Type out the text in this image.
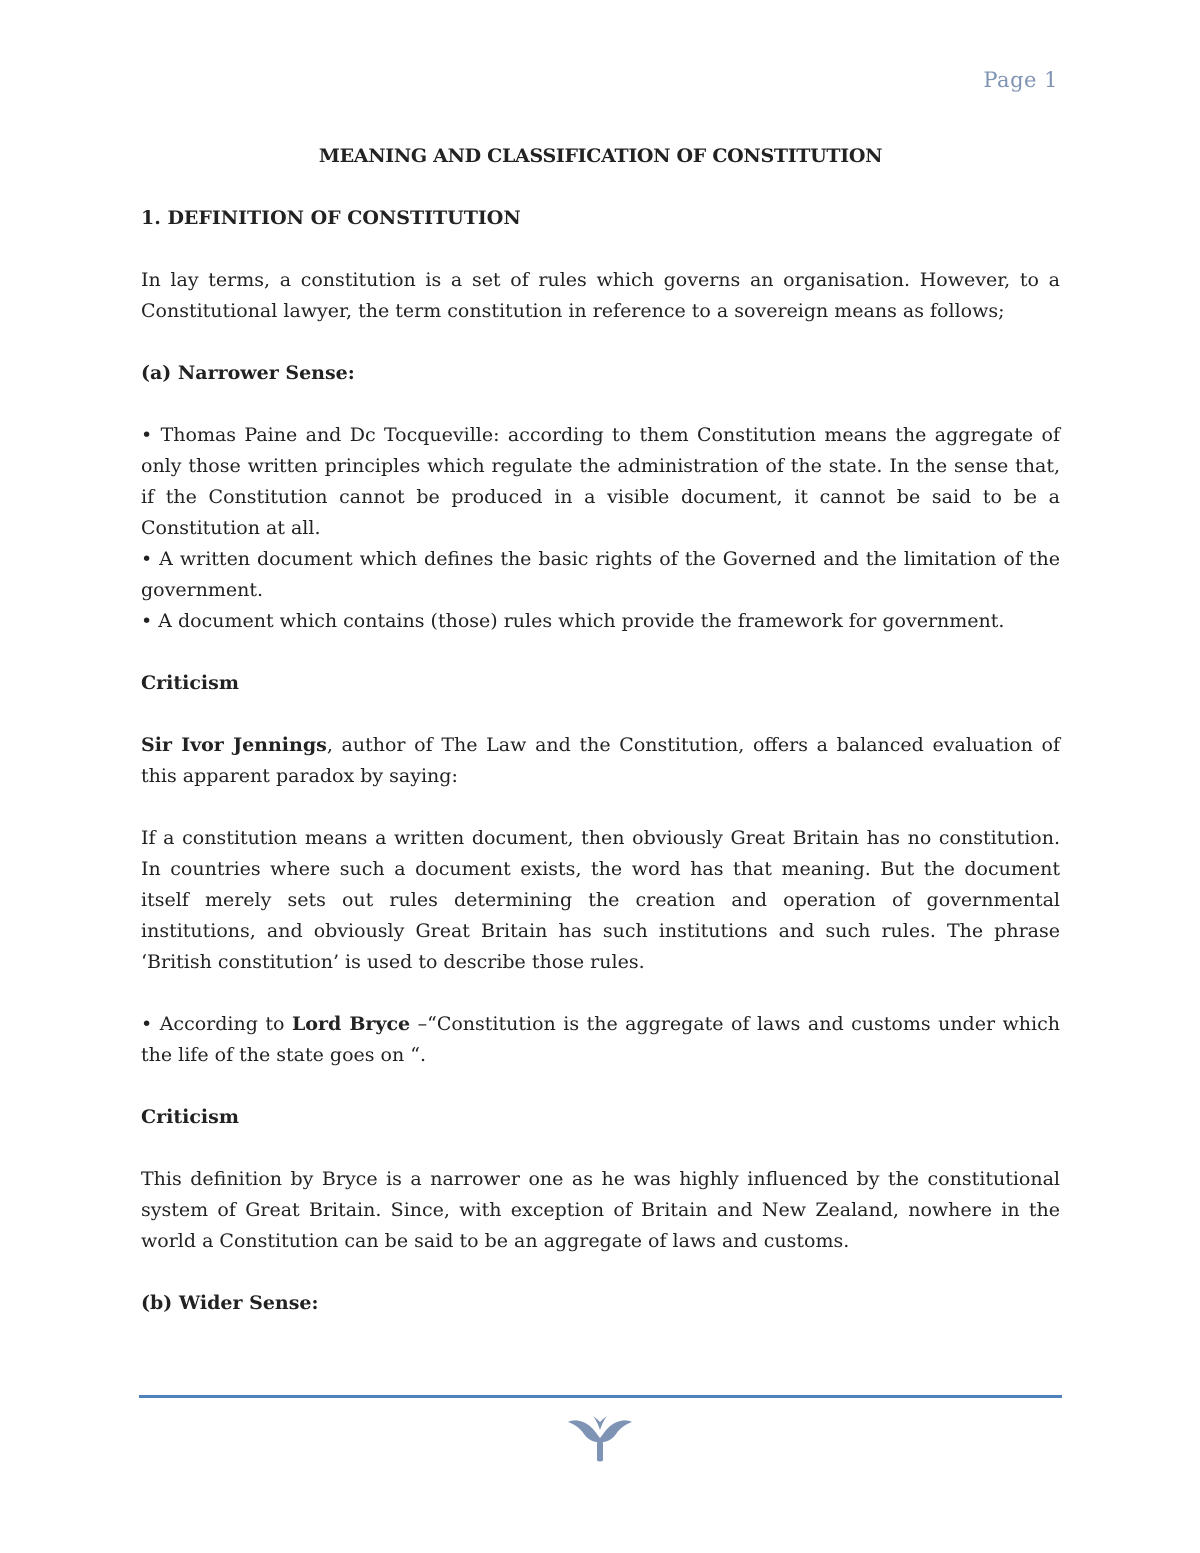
Page 1
MEANING AND CLASSIFICATION OF CONSTITUTION
1. DEFINITION OF CONSTITUTION

In lay terms, a constitution is a set of rules which governs an organisation. However, to a Constitutional lawyer, the term constitution in reference to a sovereign means as follows;

(a) Narrower Sense:
• Thomas Paine and Dc Tocqueville: according to them Constitution means the aggregate of only those written principles which regulate the administration of the state. In the sense that, if the Constitution cannot be produced in a visible document, it cannot be said to be a Constitution at all.
• A written document which defines the basic rights of the Governed and the limitation of the government.
• A document which contains (those) rules which provide the framework for government.
Criticism

Sir Ivor Jennings, author of The Law and the Constitution, offers a balanced evaluation of this apparent paradox by saying:

If a constitution means a written document, then obviously Great Britain has no constitution. In countries where such a document exists, the word has that meaning. But the document itself merely sets out rules determining the creation and operation of governmental institutions, and obviously Great Britain has such institutions and such rules. The phrase ‘British constitution’ is used to describe those rules.

• According to Lord Bryce –“Constitution is the aggregate of laws and customs under which the life of the state goes on “.

Criticism

This definition by Bryce is a narrower one as he was highly influenced by the constitutional system of Great Britain. Since, with exception of Britain and New Zealand, nowhere in the world a Constitution can be said to be an aggregate of laws and customs.

(b) Wider Sense:
